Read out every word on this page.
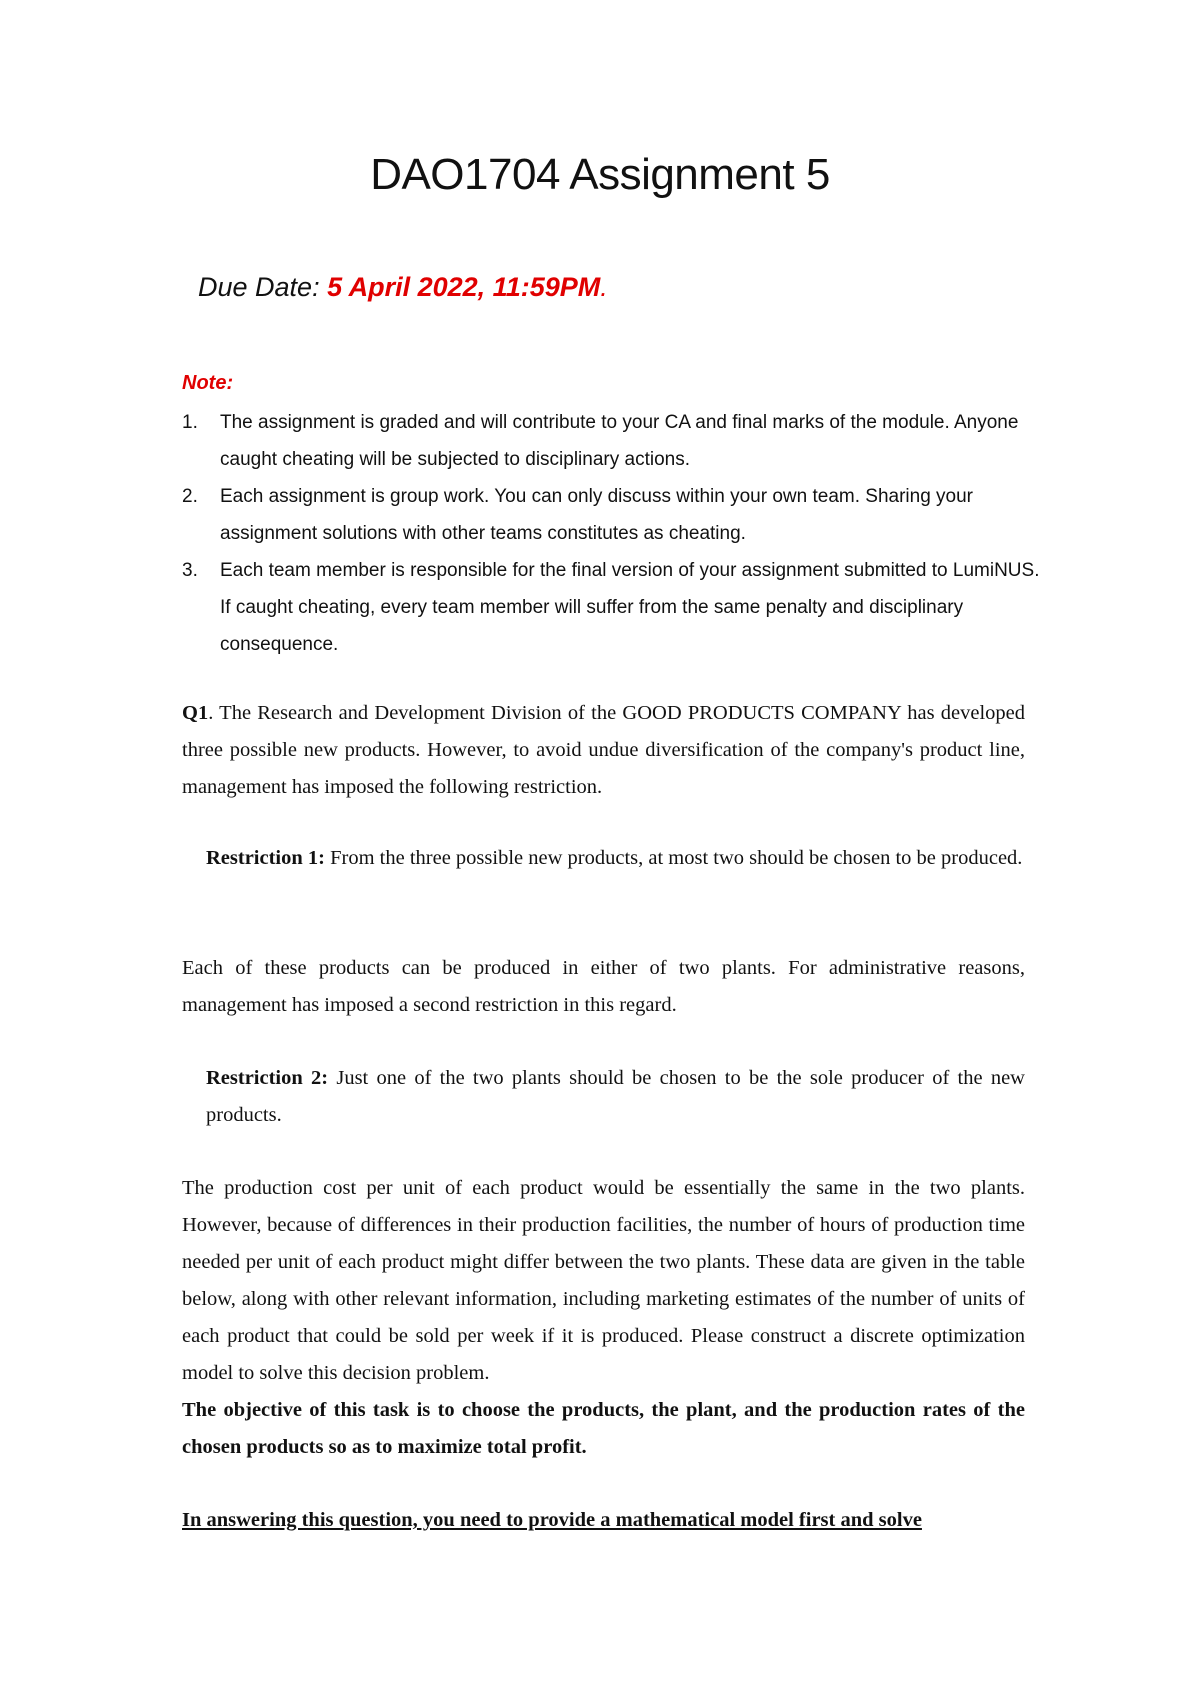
DAO1704 Assignment 5
Due Date: 5 April 2022, 11:59PM.
Note:
1. The assignment is graded and will contribute to your CA and final marks of the module. Anyone caught cheating will be subjected to disciplinary actions.
2. Each assignment is group work. You can only discuss within your own team. Sharing your assignment solutions with other teams constitutes as cheating.
3. Each team member is responsible for the final version of your assignment submitted to LumiNUS. If caught cheating, every team member will suffer from the same penalty and disciplinary consequence.

Q1. The Research and Development Division of the GOOD PRODUCTS COMPANY has developed three possible new products. However, to avoid undue diversification of the company's product line, management has imposed the following restriction.

Restriction 1: From the three possible new products, at most two should be chosen to be produced.

Each of these products can be produced in either of two plants. For administrative reasons, management has imposed a second restriction in this regard.

Restriction 2: Just one of the two plants should be chosen to be the sole producer of the new products.

The production cost per unit of each product would be essentially the same in the two plants. However, because of differences in their production facilities, the number of hours of production time needed per unit of each product might differ between the two plants. These data are given in the table below, along with other relevant information, including marketing estimates of the number of units of each product that could be sold per week if it is produced. Please construct a discrete optimization model to solve this decision problem.

The objective of this task is to choose the products, the plant, and the production rates of the chosen products so as to maximize total profit.

In answering this question, you need to provide a mathematical model first and solve
